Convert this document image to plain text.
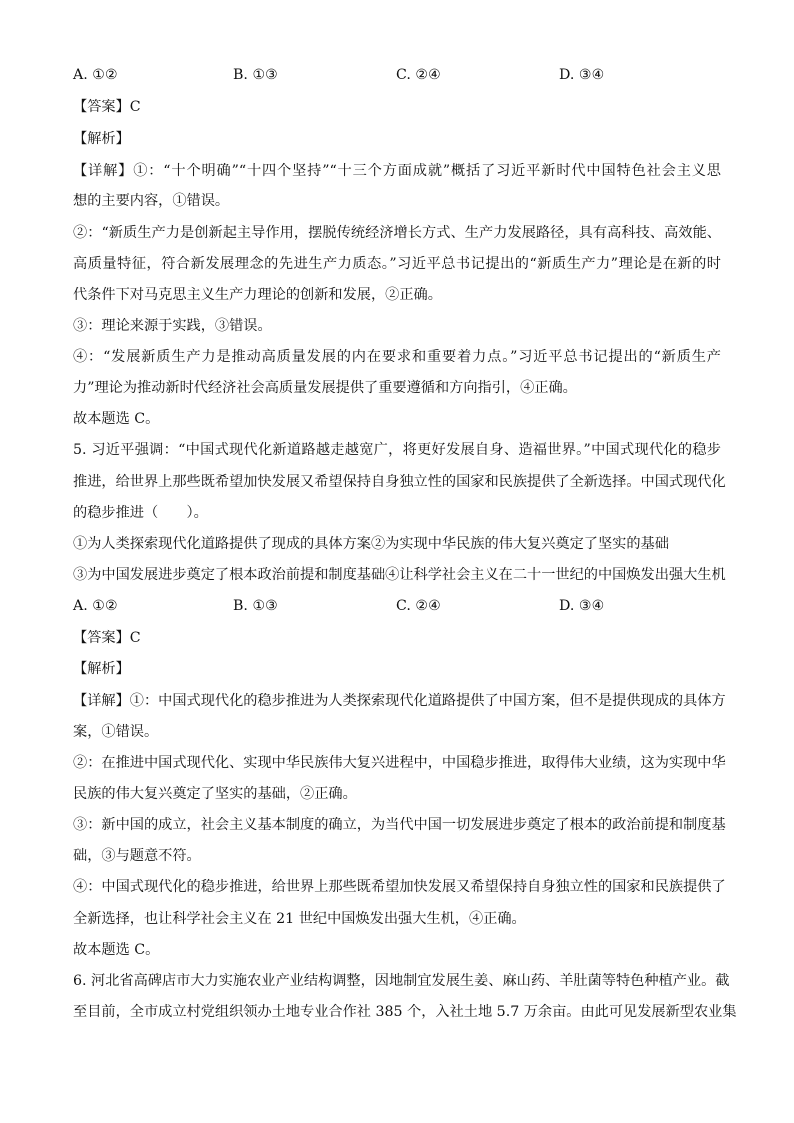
A. ①②	B. ①③	C. ②④	D. ③④
【答案】C
【解析】
【详解】①：“十个明确”“十四个坚持”“十三个方面成就”概括了习近平新时代中国特色社会主义思
想的主要内容，①错误。
②：“新质生产力是创新起主导作用，摆脱传统经济增长方式、生产力发展路径，具有高科技、高效能、
高质量特征，符合新发展理念的先进生产力质态。”习近平总书记提出的“新质生产力”理论是在新的时
代条件下对马克思主义生产力理论的创新和发展，②正确。
③：理论来源于实践，③错误。
④：“发展新质生产力是推动高质量发展的内在要求和重要着力点。”习近平总书记提出的“新质生产
力”理论为推动新时代经济社会高质量发展提供了重要遵循和方向指引，④正确。
故本题选 C。
5. 习近平强调：“中国式现代化新道路越走越宽广，将更好发展自身、造福世界。”中国式现代化的稳步
推进，给世界上那些既希望加快发展又希望保持自身独立性的国家和民族提供了全新选择。中国式现代化
的稳步推进（　　）。
①为人类探索现代化道路提供了现成的具体方案②为实现中华民族的伟大复兴奠定了坚实的基础
③为中国发展进步奠定了根本政治前提和制度基础④让科学社会主义在二十一世纪的中国焕发出强大生机
A. ①②	B. ①③	C. ②④	D. ③④
【答案】C
【解析】
【详解】①：中国式现代化的稳步推进为人类探索现代化道路提供了中国方案，但不是提供现成的具体方
案，①错误。
②：在推进中国式现代化、实现中华民族伟大复兴进程中，中国稳步推进，取得伟大业绩，这为实现中华
民族的伟大复兴奠定了坚实的基础，②正确。
③：新中国的成立，社会主义基本制度的确立，为当代中国一切发展进步奠定了根本的政治前提和制度基
础，③与题意不符。
④：中国式现代化的稳步推进，给世界上那些既希望加快发展又希望保持自身独立性的国家和民族提供了
全新选择，也让科学社会主义在 21 世纪中国焕发出强大生机，④正确。
故本题选 C。
6. 河北省高碑店市大力实施农业产业结构调整，因地制宜发展生姜、麻山药、羊肚菌等特色种植产业。截
至目前，全市成立村党组织领办土地专业合作社 385 个，入社土地 5.7 万余亩。由此可见发展新型农业集
